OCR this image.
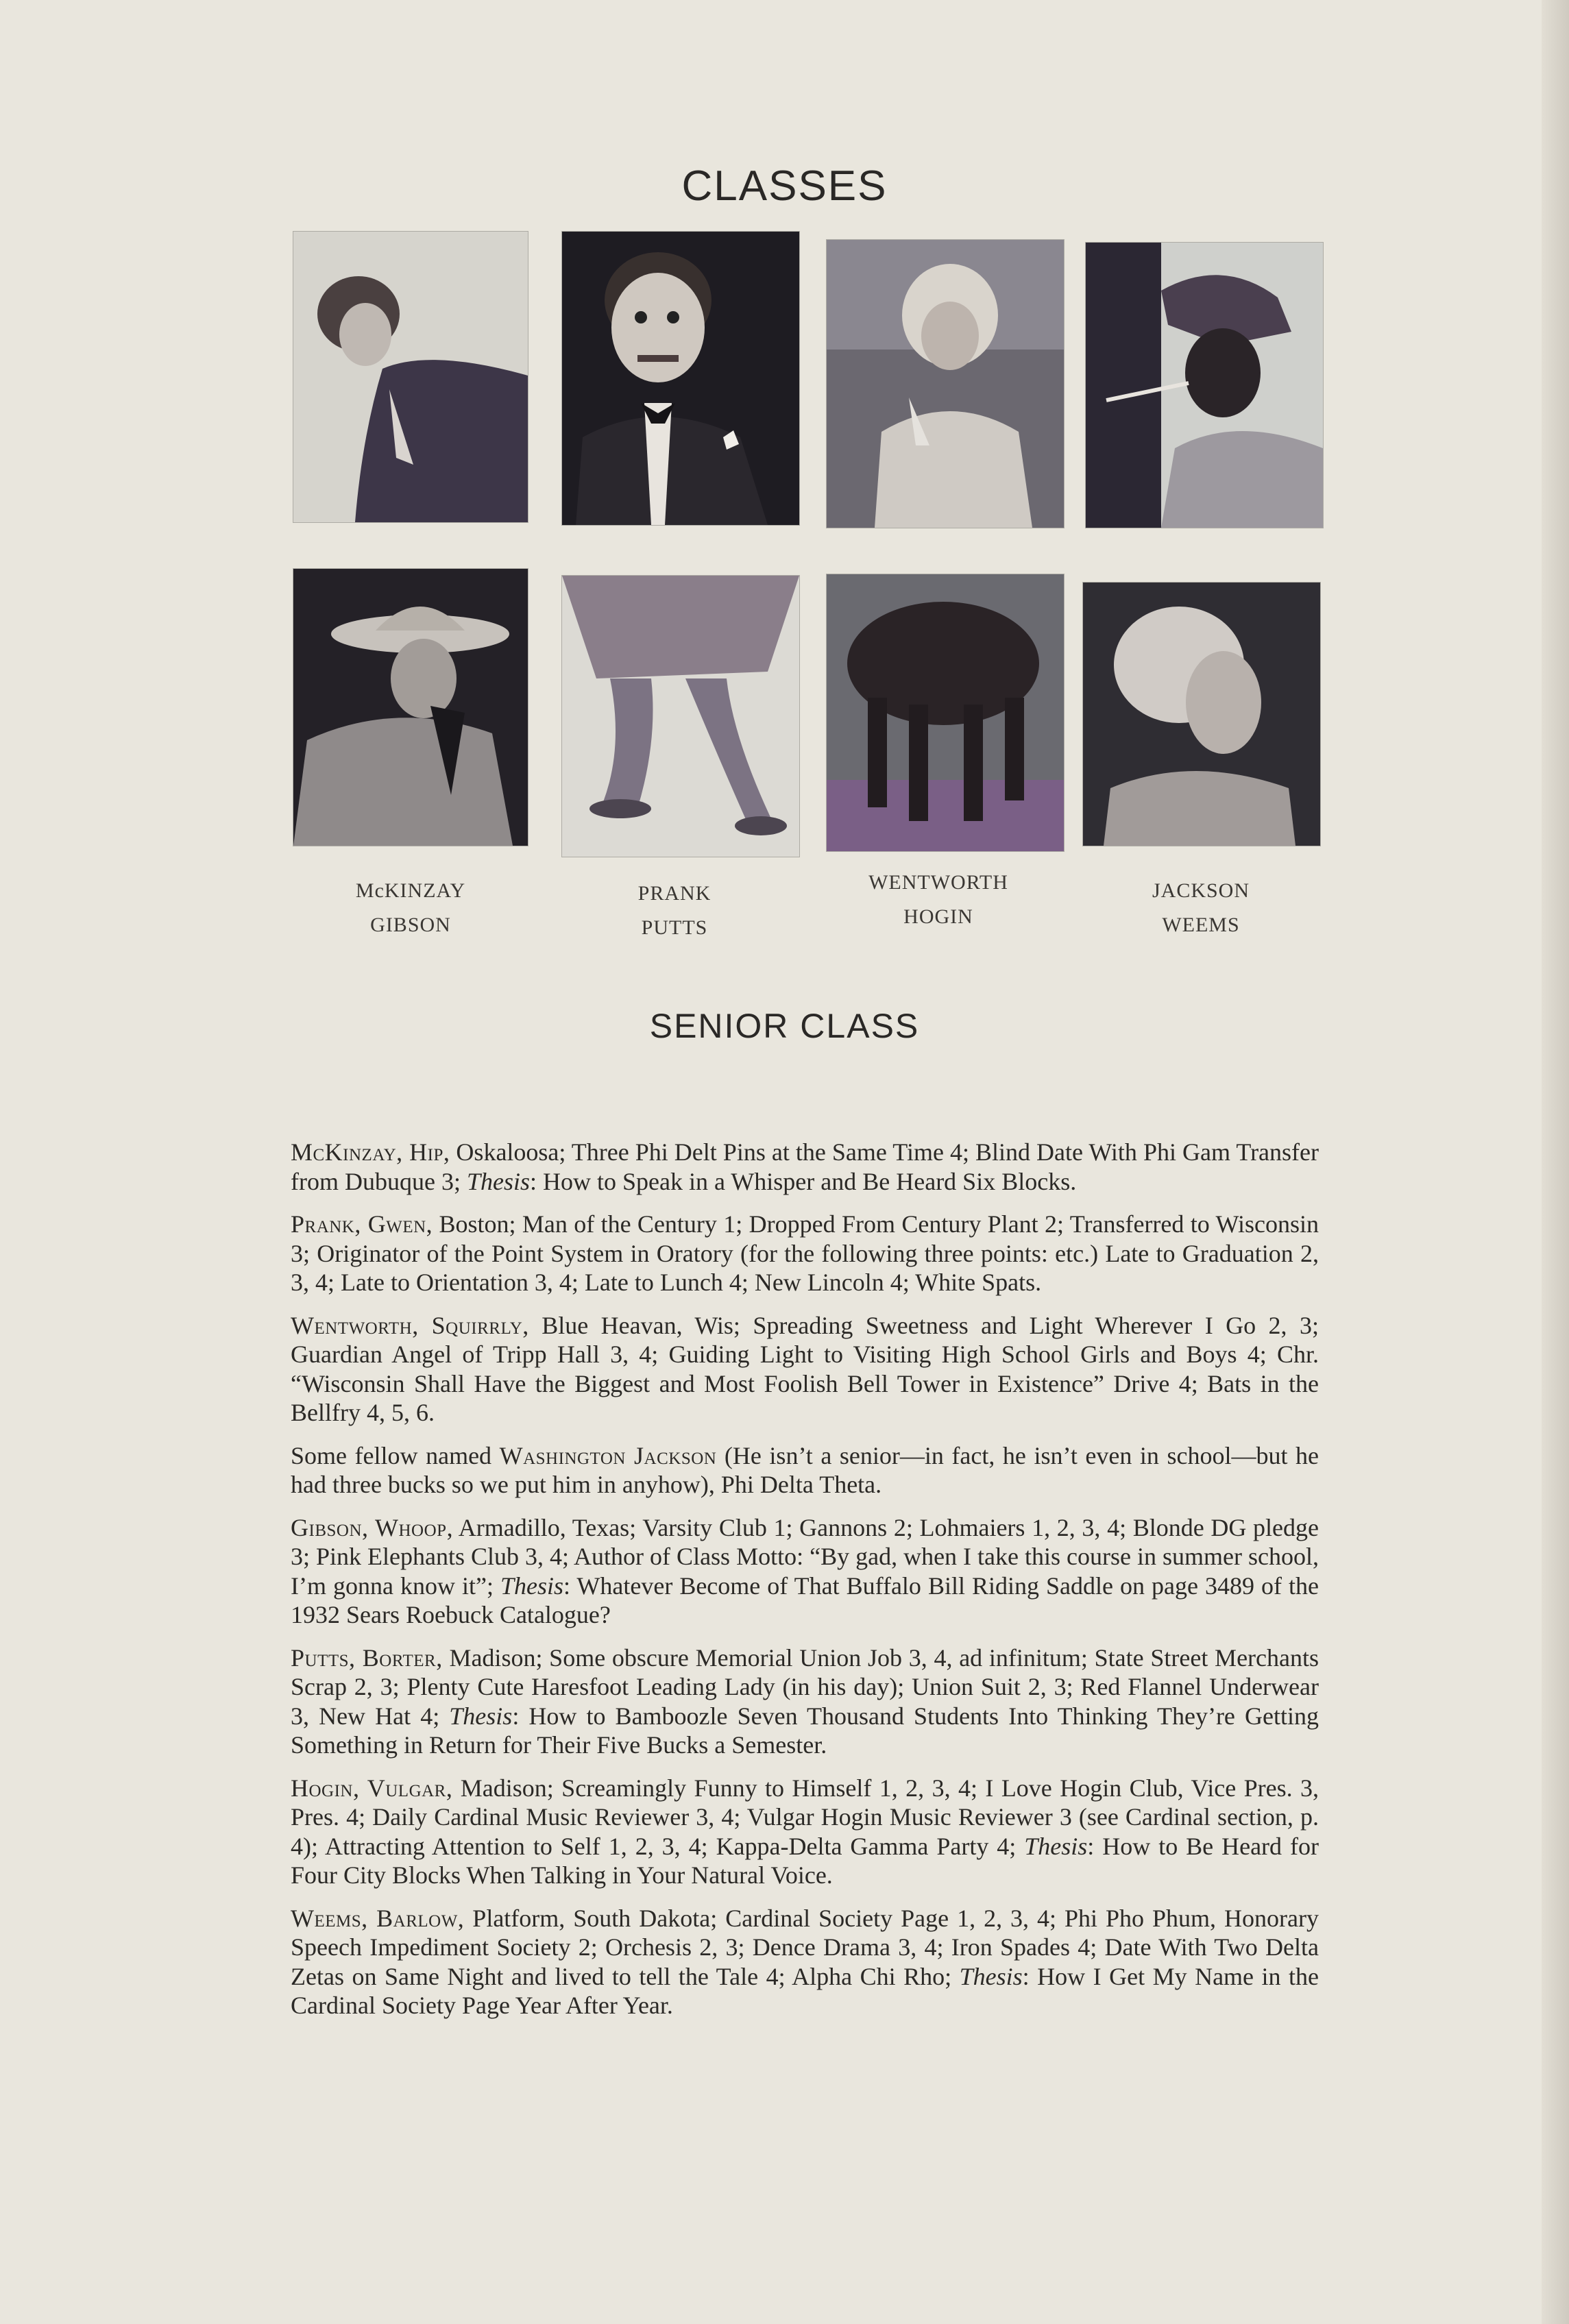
CLASSES
McKINZAY
GIBSON
PRANK
PUTTS
WENTWORTH
HOGIN
JACKSON
WEEMS
SENIOR CLASS

McKinzay, Hip, Oskaloosa; Three Phi Delt Pins at the Same Time 4; Blind Date With Phi Gam Transfer from Dubuque 3; Thesis: How to Speak in a Whisper and Be Heard Six Blocks.

Prank, Gwen, Boston; Man of the Century 1; Dropped From Century Plant 2; Transferred to Wisconsin 3; Originator of the Point System in Oratory (for the following three points: etc.) Late to Graduation 2, 3, 4; Late to Orientation 3, 4; Late to Lunch 4; New Lincoln 4; White Spats.

Wentworth, Squirrly, Blue Heavan, Wis; Spreading Sweetness and Light Wherever I Go 2, 3; Guardian Angel of Tripp Hall 3, 4; Guiding Light to Visiting High School Girls and Boys 4; Chr. “Wisconsin Shall Have the Biggest and Most Foolish Bell Tower in Existence” Drive 4; Bats in the Bellfry 4, 5, 6.

Some fellow named Washington Jackson (He isn’t a senior—in fact, he isn’t even in school—but he had three bucks so we put him in anyhow), Phi Delta Theta.

Gibson, Whoop, Armadillo, Texas; Varsity Club 1; Gannons 2; Lohmaiers 1, 2, 3, 4; Blonde DG pledge 3; Pink Elephants Club 3, 4; Author of Class Motto: “By gad, when I take this course in summer school, I’m gonna know it”; Thesis: Whatever Become of That Buffalo Bill Riding Saddle on page 3489 of the 1932 Sears Roebuck Catalogue?

Putts, Borter, Madison; Some obscure Memorial Union Job 3, 4, ad infinitum; State Street Merchants Scrap 2, 3; Plenty Cute Haresfoot Leading Lady (in his day); Union Suit 2, 3; Red Flannel Underwear 3, New Hat 4; Thesis: How to Bamboozle Seven Thousand Students Into Thinking They’re Getting Something in Return for Their Five Bucks a Semester.

Hogin, Vulgar, Madison; Screamingly Funny to Himself 1, 2, 3, 4; I Love Hogin Club, Vice Pres. 3, Pres. 4; Daily Cardinal Music Reviewer 3, 4; Vulgar Hogin Music Reviewer 3 (see Cardinal section, p. 4); Attracting Attention to Self 1, 2, 3, 4; Kappa-Delta Gamma Party 4; Thesis: How to Be Heard for Four City Blocks When Talking in Your Natural Voice.

Weems, Barlow, Platform, South Dakota; Cardinal Society Page 1, 2, 3, 4; Phi Pho Phum, Honorary Speech Impediment Society 2; Orchesis 2, 3; Dence Drama 3, 4; Iron Spades 4; Date With Two Delta Zetas on Same Night and lived to tell the Tale 4; Alpha Chi Rho; Thesis: How I Get My Name in the Cardinal Society Page Year After Year.
